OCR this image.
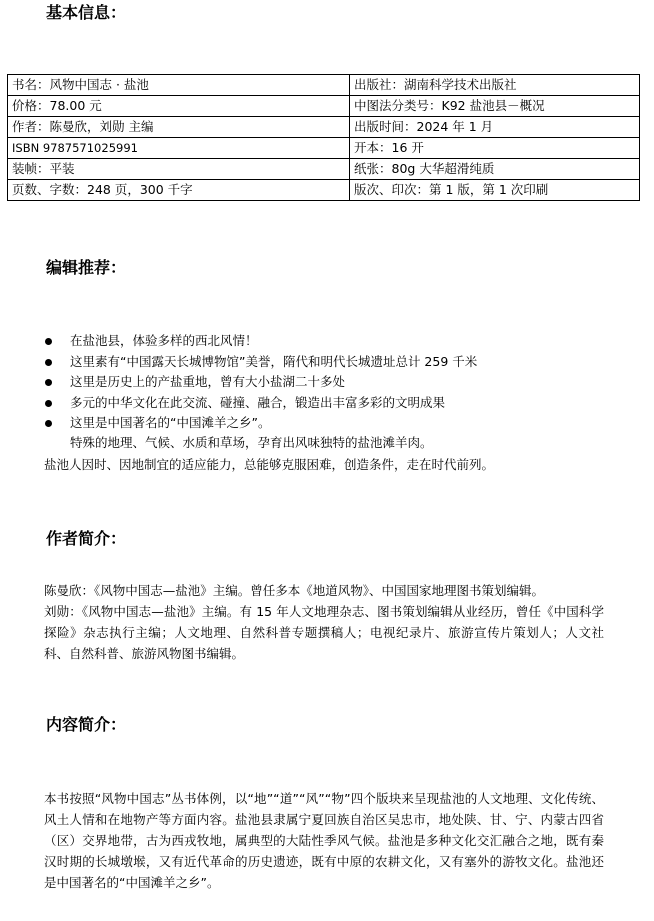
基本信息：
书名：风物中国志 · 盐池	出版社：湖南科学技术出版社
价格：78.00 元	中图法分类号：K92 盐池县－概况
作者：陈曼欣，刘勋 主编	出版时间：2024 年 1 月
ISBN 9787571025991	开本：16 开
装帧：平装	纸张：80g 大华超滑纯质
页数、字数：248 页，300 千字	版次、印次：第 1 版，第 1 次印刷
编辑推荐：
在盐池县，体验多样的西北风情！
这里素有“中国露天长城博物馆”美誉，隋代和明代长城遗址总计 259 千米
这里是历史上的产盐重地，曾有大小盐湖二十多处
多元的中华文化在此交流、碰撞、融合，锻造出丰富多彩的文明成果
这里是中国著名的“中国滩羊之乡”。
特殊的地理、气候、水质和草场，孕育出风味独特的盐池滩羊肉。
盐池人因时、因地制宜的适应能力，总能够克服困难，创造条件，走在时代前列。
作者简介：

陈曼欣：《风物中国志—盐池》主编。曾任多本《地道风物》、中国国家地理图书策划编辑。

刘勋：《风物中国志—盐池》主编。有 15 年人文地理杂志、图书策划编辑从业经历，曾任《中国科学探险》杂志执行主编；人文地理、自然科普专题撰稿人；电视纪录片、旅游宣传片策划人；人文社科、自然科普、旅游风物图书编辑。

内容简介：

本书按照“风物中国志”丛书体例，以“地”“道”“风”“物”四个版块来呈现盐池的人文地理、文化传统、风土人情和在地物产等方面内容。盐池县隶属宁夏回族自治区吴忠市，地处陕、甘、宁、内蒙古四省（区）交界地带，古为西戎牧地，属典型的大陆性季风气候。盐池是多种文化交汇融合之地，既有秦汉时期的长城墩堠，又有近代革命的历史遗迹，既有中原的农耕文化，又有塞外的游牧文化。盐池还是中国著名的“中国滩羊之乡”。
